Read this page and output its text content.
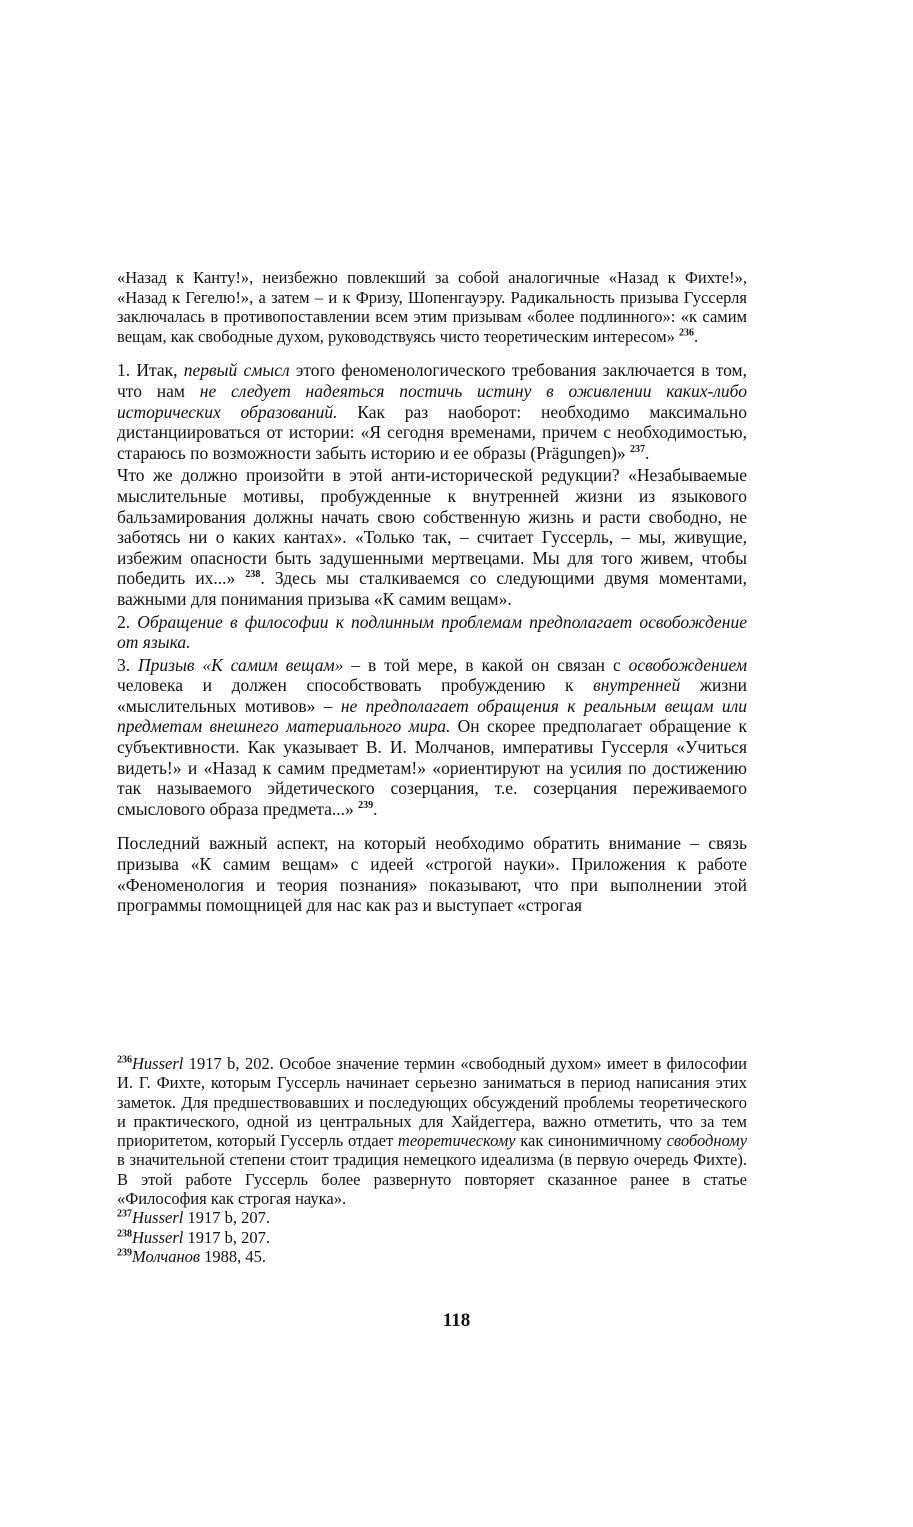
«Назад к Канту!», неизбежно повлекший за собой аналогичные «Назад к Фихте!», «Назад к Гегелю!», а затем – и к Фризу, Шопенгауэру. Радикальность призыва Гуссерля заключалась в противопоставлении всем этим призывам «более подлинного»: «к самим вещам, как свободные духом, руководствуясь чисто теоретическим интересом» $^{236}$.

1. Итак, первый смысл этого феноменологического требования заключается в том, что нам не следует надеяться постичь истину в оживлении каких-либо исторических образований. Как раз наоборот: необходимо максимально дистанциироваться от истории: «Я сегодня временами, причем с необходимостью, стараюсь по возможности забыть историю и ее образы (Prägungen)» $^{237}$.

Что же должно произойти в этой анти-исторической редукции? «Незабываемые мыслительные мотивы, пробужденные к внутренней жизни из языкового бальзамирования должны начать свою собственную жизнь и расти свободно, не заботясь ни о каких кантах». «Только так, – считает Гуссерль, – мы, живущие, избежим опасности быть задушенными мертвецами. Мы для того живем, чтобы победить их...» $^{238}$. Здесь мы сталкиваемся со следующими двумя моментами, важными для понимания призыва «К самим вещам».

2. Обращение в философии к подлинным проблемам предполагает освобождение от языка.

3. Призыв «К самим вещам» – в той мере, в какой он связан с освобождением человека и должен способствовать пробуждению к внутренней жизни «мыслительных мотивов» – не предполагает обращения к реальным вещам или предметам внешнего материального мира. Он скорее предполагает обращение к субъективности. Как указывает В. И. Молчанов, императивы Гуссерля «Учиться видеть!» и «Назад к самим предметам!» «ориентируют на усилия по достижению так называемого эйдетического созерцания, т.е. созерцания переживаемого смыслового образа предмета...» $^{239}$.

Последний важный аспект, на который необходимо обратить внимание – связь призыва «К самим вещам» с идеей «строгой науки». Приложения к работе «Феноменология и теория познания» показывают, что при выполнении этой программы помощницей для нас как раз и выступает «строгая

$^{236}$Husserl 1917 b, 202. Особое значение термин «свободный духом» имеет в философии И. Г. Фихте, которым Гуссерль начинает серьезно заниматься в период написания этих заметок. Для предшествовавших и последующих обсуждений проблемы теоретического и практического, одной из центральных для Хайдеггера, важно отметить, что за тем приоритетом, который Гуссерль отдает теоретическому как синонимичному свободному в значительной степени стоит традиция немецкого идеализма (в первую очередь Фихте). В этой работе Гуссерль более развернуто повторяет сказанное ранее в статье «Философия как строгая наука».

$^{237}$Husserl 1917 b, 207.

$^{238}$Husserl 1917 b, 207.

$^{239}$Молчанов 1988, 45.

118
